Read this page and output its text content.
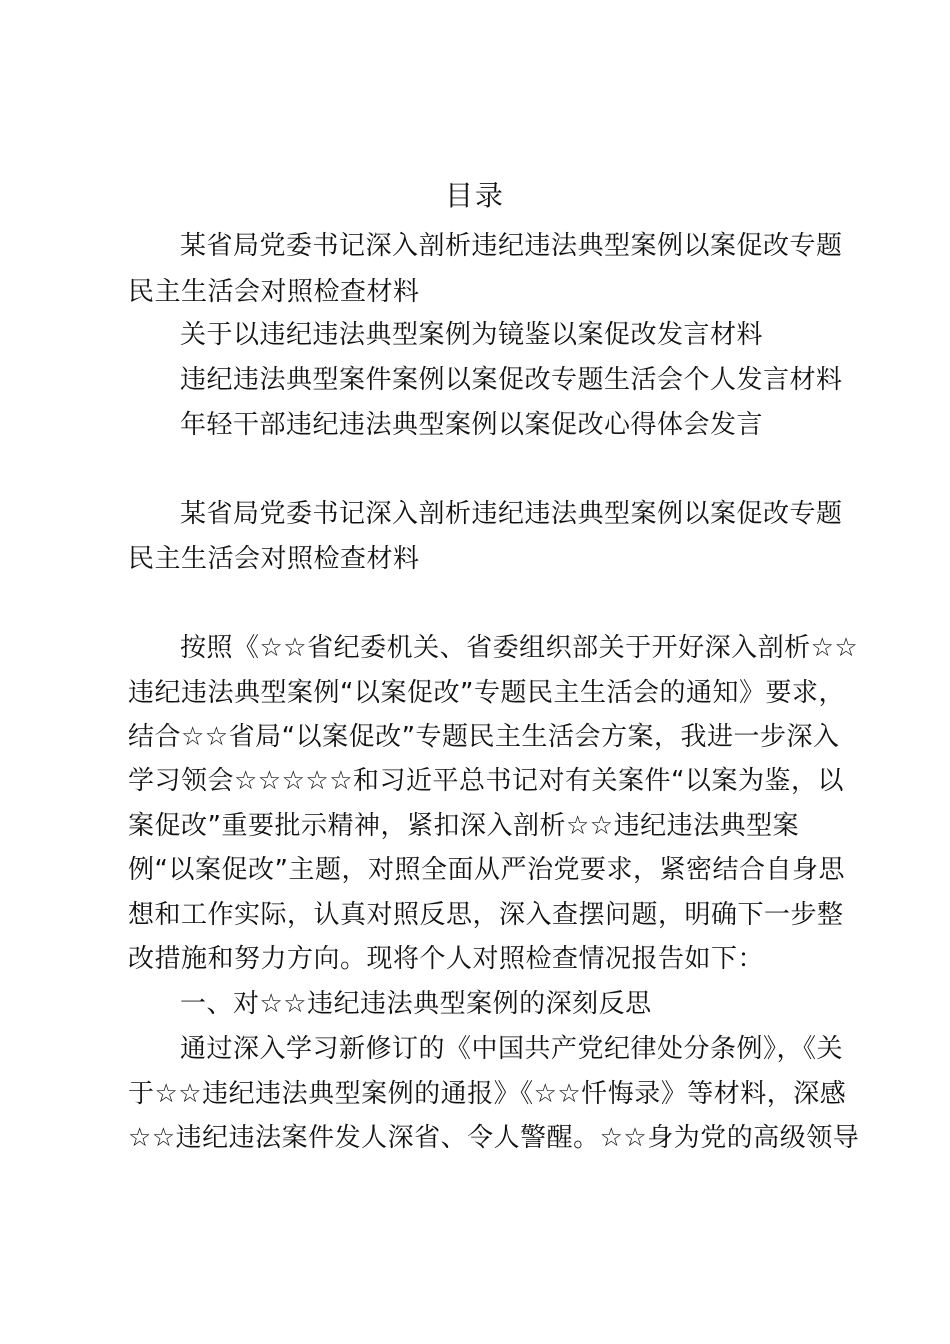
目录
某省局党委书记深入剖析违纪违法典型案例以案促改专题
民主生活会对照检查材料
关于以违纪违法典型案例为镜鉴以案促改发言材料
违纪违法典型案件案例以案促改专题生活会个人发言材料
年轻干部违纪违法典型案例以案促改心得体会发言
某省局党委书记深入剖析违纪违法典型案例以案促改专题
民主生活会对照检查材料
按照《☆☆省纪委机关、省委组织部关于开好深入剖析☆☆
违纪违法典型案例“以案促改”专题民主生活会的通知》要求，
结合☆☆省局“以案促改”专题民主生活会方案，我进一步深入
学习领会☆☆☆☆☆和习近平总书记对有关案件“以案为鉴，以
案促改”重要批示精神，紧扣深入剖析☆☆违纪违法典型案
例“以案促改”主题，对照全面从严治党要求，紧密结合自身思
想和工作实际，认真对照反思，深入查摆问题，明确下一步整
改措施和努力方向。现将个人对照检查情况报告如下：
一、对☆☆违纪违法典型案例的深刻反思
通过深入学习新修订的《中国共产党纪律处分条例》，《关
于☆☆违纪违法典型案例的通报》《☆☆忏悔录》等材料，深感
☆☆违纪违法案件发人深省、令人警醒。☆☆身为党的高级领导
